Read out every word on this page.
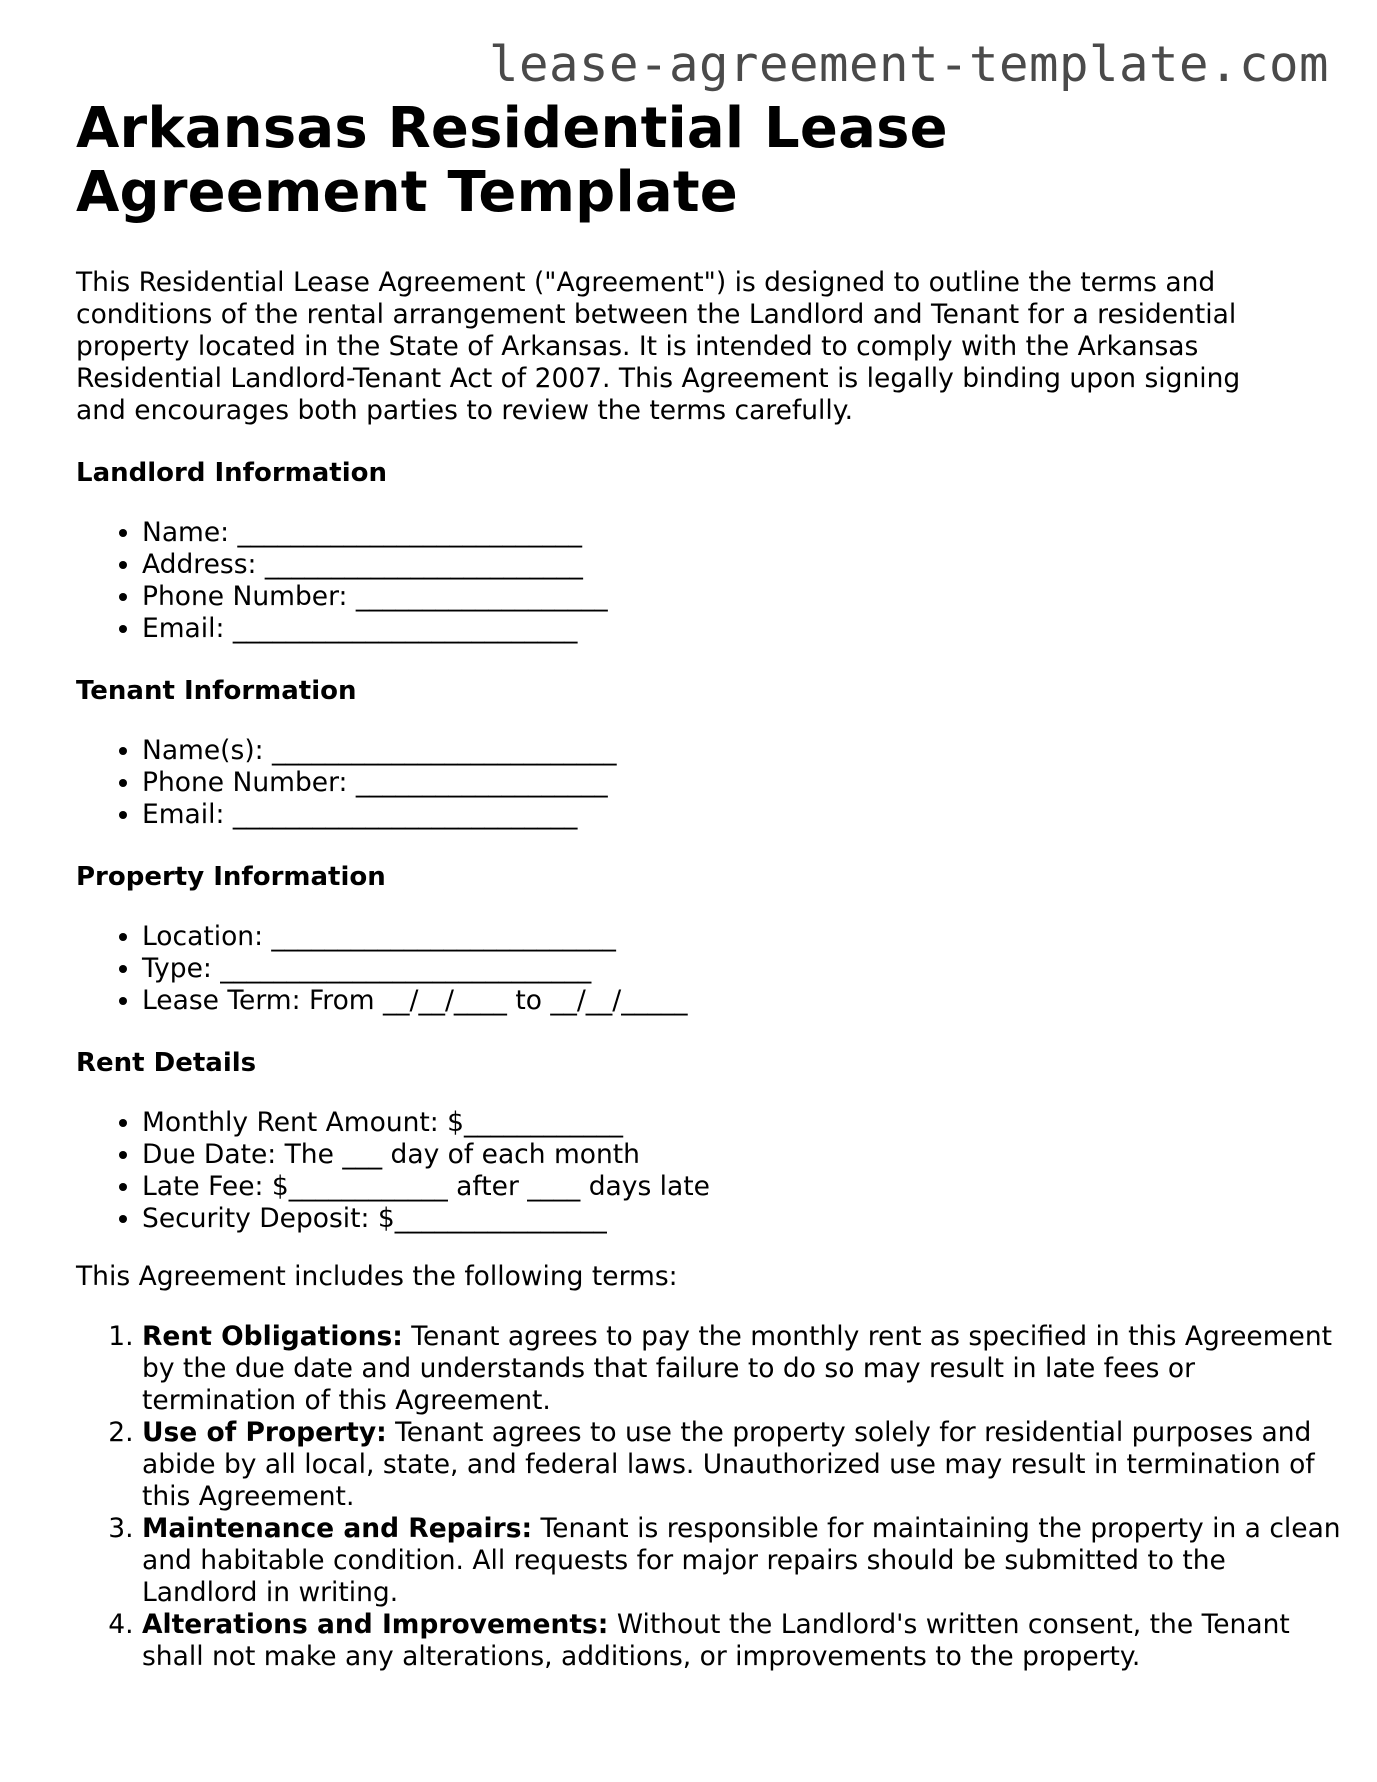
lease-agreement-template.com
Arkansas Residential Lease Agreement Template

This Residential Lease Agreement ("Agreement") is designed to outline the terms and conditions of the rental arrangement between the Landlord and Tenant for a residential property located in the State of Arkansas. It is intended to comply with the Arkansas Residential Landlord-Tenant Act of 2007. This Agreement is legally binding upon signing and encourages both parties to review the terms carefully.

Landlord Information
• Name: __________________________
• Address: ________________________
• Phone Number: ___________________
• Email: __________________________
Tenant Information
• Name(s): __________________________
• Phone Number: ___________________
• Email: __________________________
Property Information
• Location: __________________________
• Type: ____________________________
• Lease Term: From __/__/____ to __/__/_____
Rent Details
• Monthly Rent Amount: $____________
• Due Date: The ___ day of each month
• Late Fee: $____________ after ____ days late
• Security Deposit: $________________

This Agreement includes the following terms:

1. Rent Obligations: Tenant agrees to pay the monthly rent as specified in this Agreement by the due date and understands that failure to do so may result in late fees or termination of this Agreement.
2. Use of Property: Tenant agrees to use the property solely for residential purposes and abide by all local, state, and federal laws. Unauthorized use may result in termination of this Agreement.
3. Maintenance and Repairs: Tenant is responsible for maintaining the property in a clean and habitable condition. All requests for major repairs should be submitted to the Landlord in writing.
4. Alterations and Improvements: Without the Landlord's written consent, the Tenant shall not make any alterations, additions, or improvements to the property.
